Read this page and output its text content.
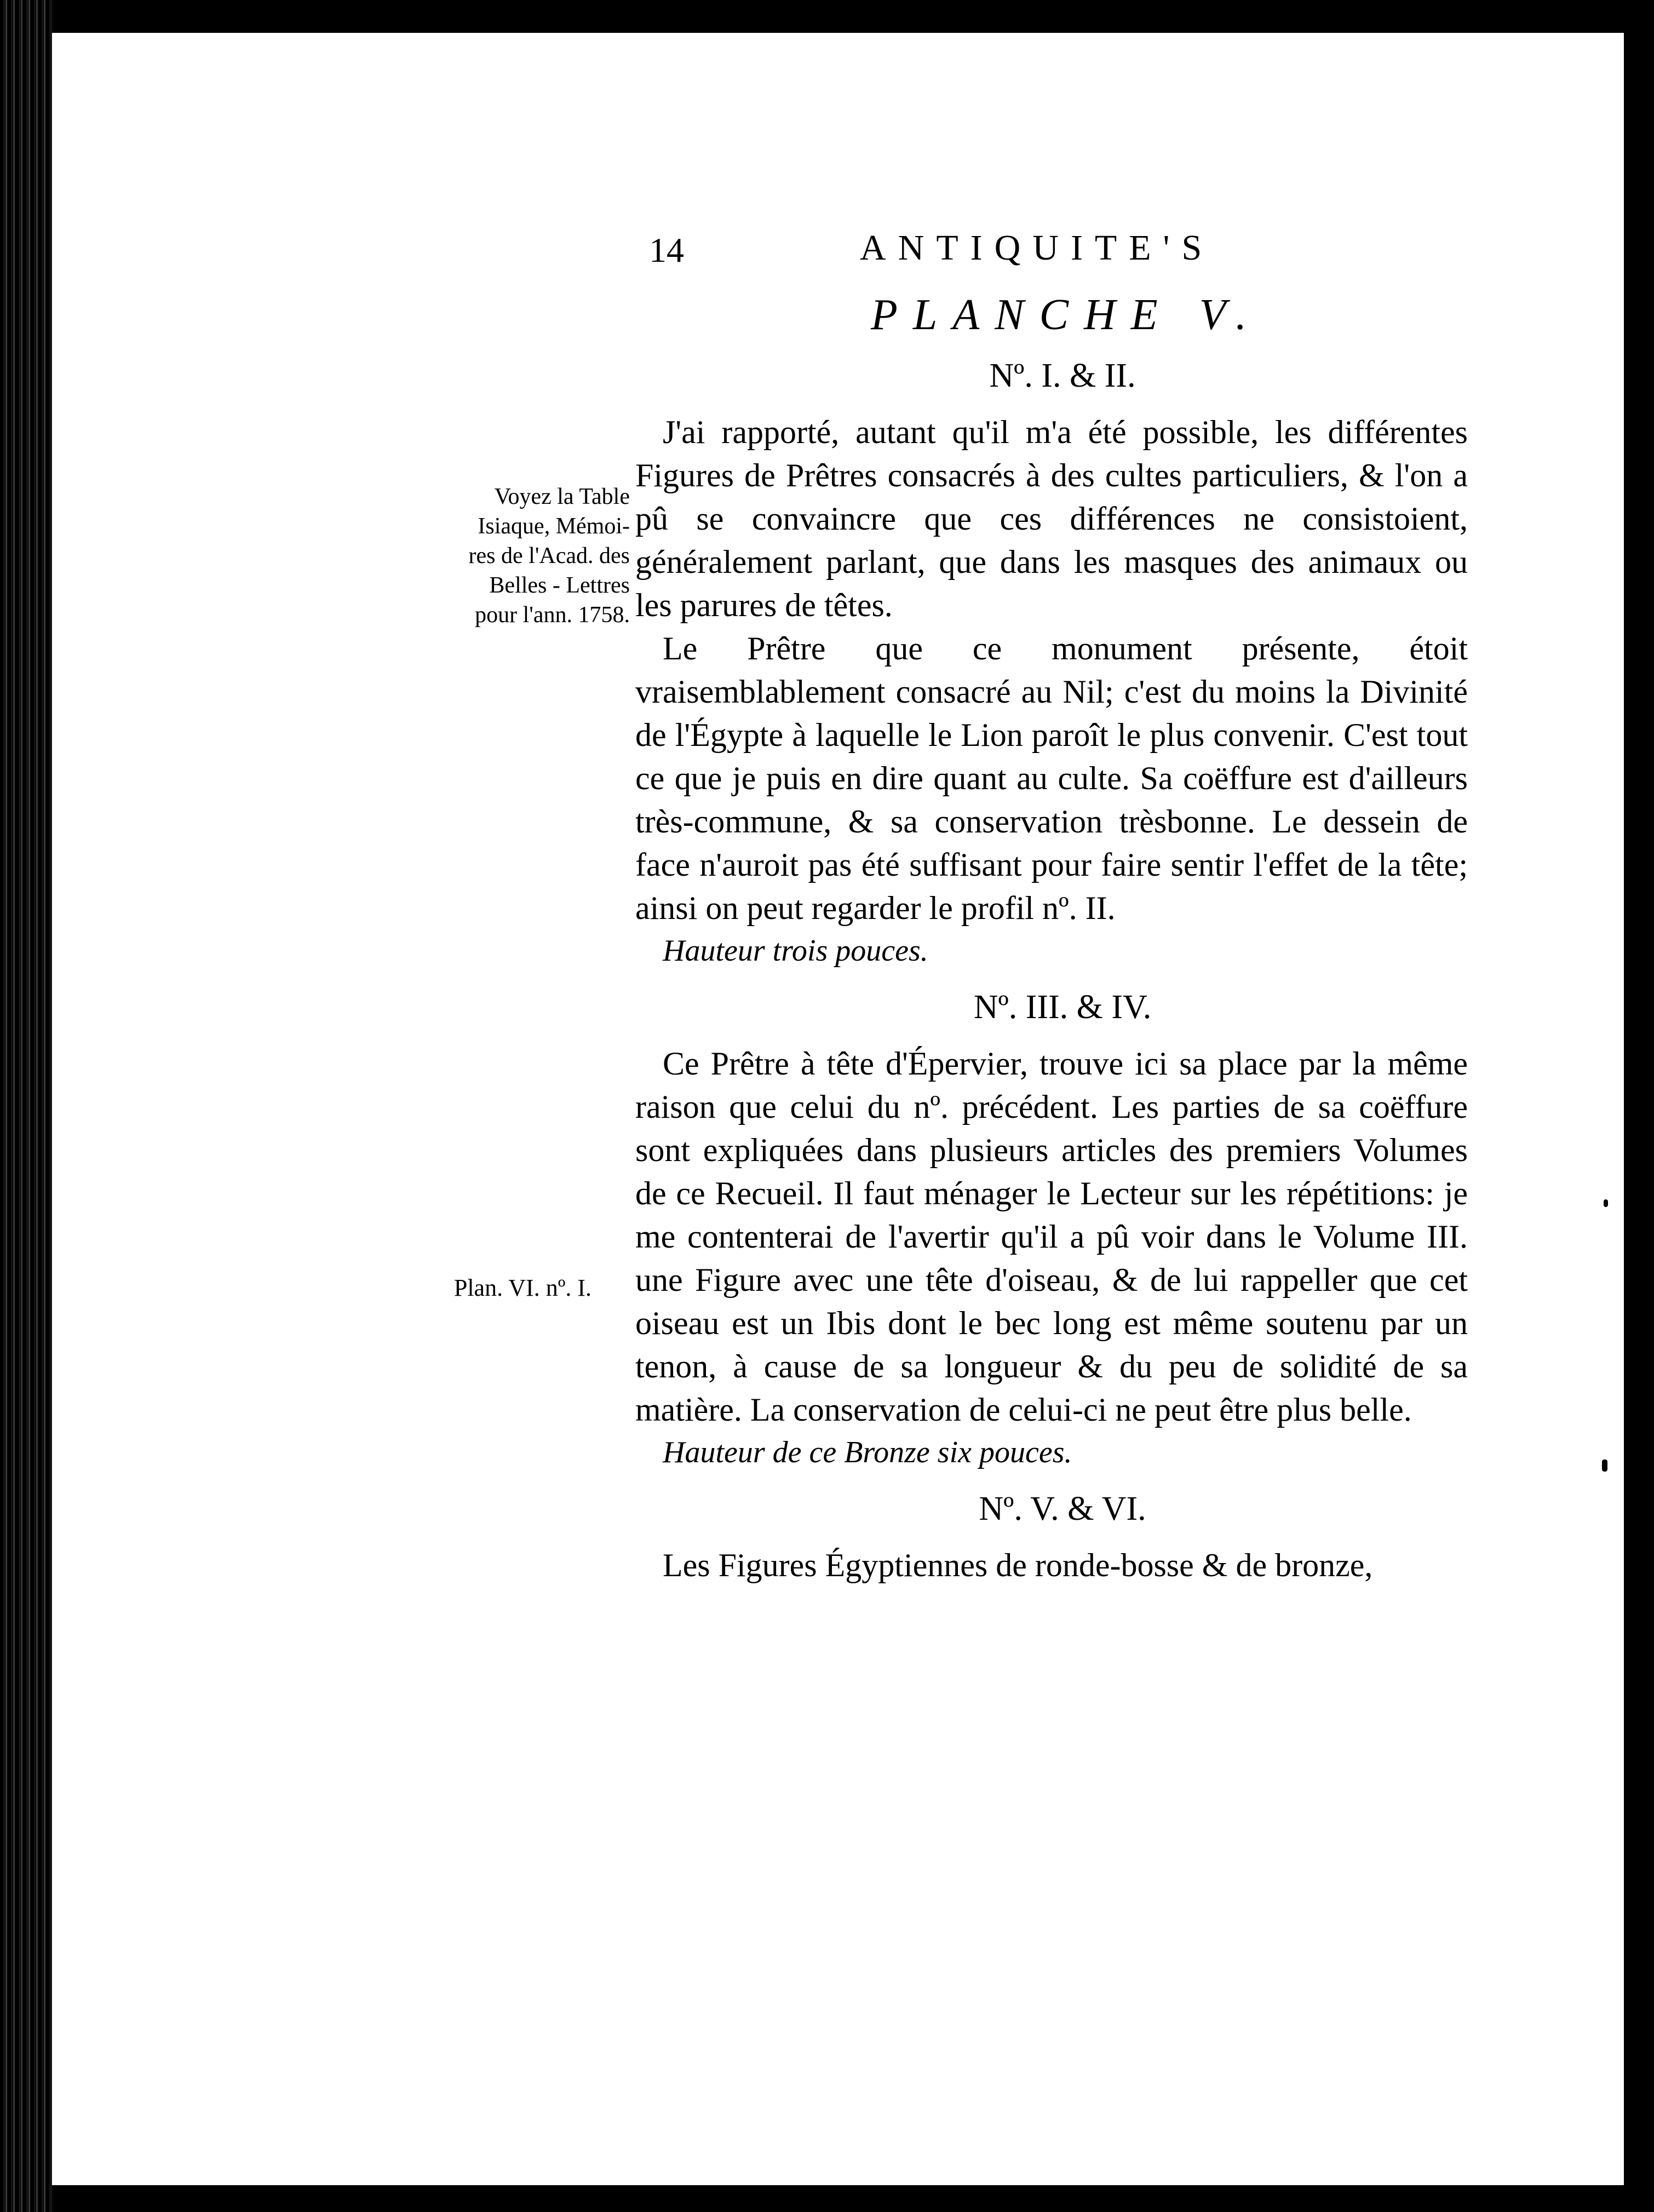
Voyez la Table
Isiaque, Mémoi-
res de l'Acad. des
Belles - Lettres
pour l'ann. 1758.
Plan. VI. nº. I.
14	ANTIQUITE'S
PLANCHE V.
Nº. I. & II.

J'ai rapporté, autant qu'il m'a été possible, les différentes Figures de Prêtres consacrés à des cultes particuliers, & l'on a pû se convaincre que ces différences ne consistoient, généralement parlant, que dans les masques des animaux ou les parures de têtes.

Le Prêtre que ce monument présente, étoit vraisemblablement consacré au Nil; c'est du moins la Divinité de l'Égypte à laquelle le Lion paroît le plus convenir. C'est tout ce que je puis en dire quant au culte. Sa coëffure est d'ailleurs très-commune, & sa conservation trèsbonne. Le dessein de face n'auroit pas été suffisant pour faire sentir l'effet de la tête; ainsi on peut regarder le profil nº. II.

Hauteur trois pouces.
Nº. III. & IV.

Ce Prêtre à tête d'Épervier, trouve ici sa place par la même raison que celui du nº. précédent. Les parties de sa coëffure sont expliquées dans plusieurs articles des premiers Volumes de ce Recueil. Il faut ménager le Lecteur sur les répétitions: je me contenterai de l'avertir qu'il a pû voir dans le Volume III. une Figure avec une tête d'oiseau, & de lui rappeller que cet oiseau est un Ibis dont le bec long est même soutenu par un tenon, à cause de sa longueur & du peu de solidité de sa matière. La conservation de celui-ci ne peut être plus belle.

Hauteur de ce Bronze six pouces.
Nº. V. & VI.

Les Figures Égyptiennes de ronde-bosse & de bronze,
